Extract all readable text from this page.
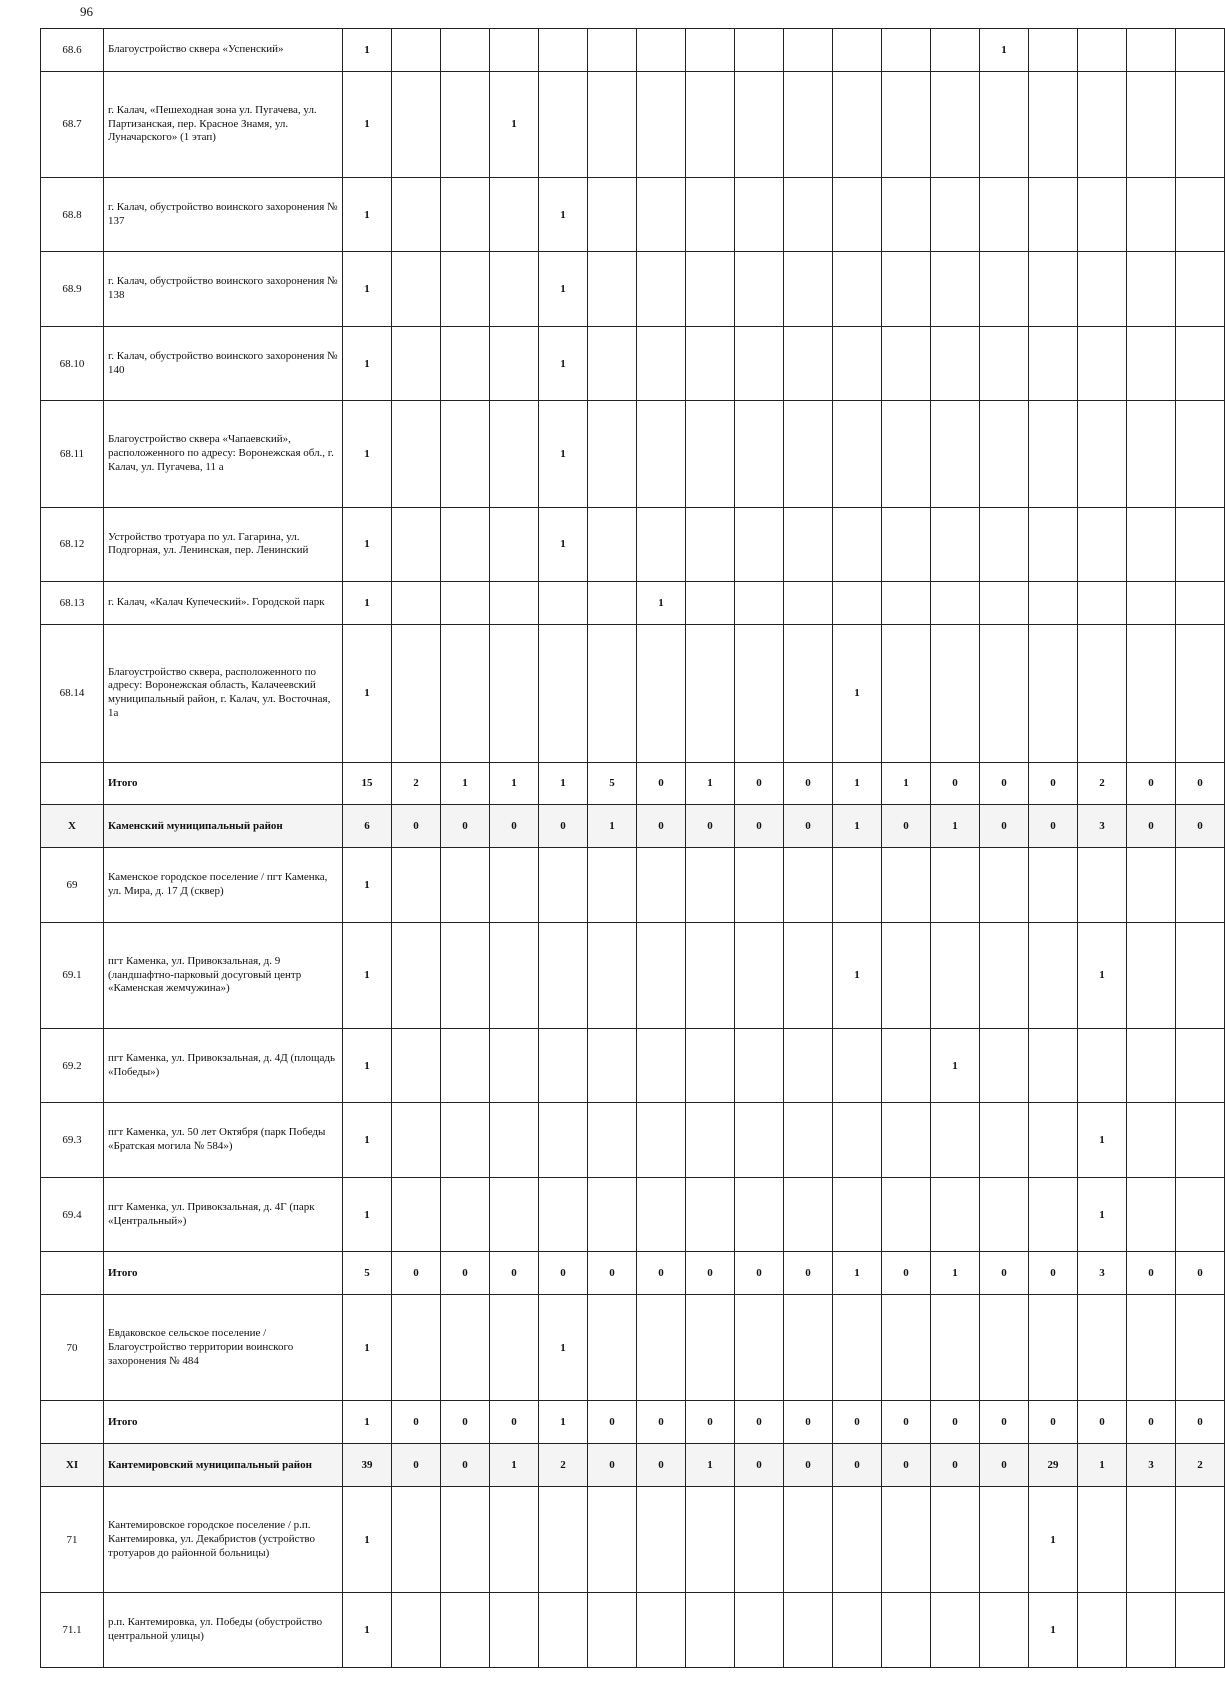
96
68.6	Благоустройство сквера «Успенский»	1													1				
68.7	г. Калач, «Пешеходная зона ул. Пугачева, ул. Партизанская, пер. Красное Знамя, ул. Луначарского» (1 этап)	1			1														
68.8	г. Калач, обустройство воинского захоронения № 137	1				1													
68.9	г. Калач, обустройство воинского захоронения № 138	1				1													
68.10	г. Калач, обустройство воинского захоронения № 140	1				1													
68.11	Благоустройство сквера «Чапаевский», расположенного по адресу: Воронежская обл., г. Калач, ул. Пугачева, 11 а	1				1													
68.12	Устройство тротуара по ул. Гагарина, ул. Подгорная, ул. Ленинская, пер. Ленинский	1				1													
68.13	г. Калач, «Калач Купеческий». Городской парк	1						1											
68.14	Благоустройство сквера, расположенного по адресу: Воронежская область, Калачеевский муниципальный район, г. Калач, ул. Восточная, 1а	1										1							
	Итого	15	2	1	1	1	5	0	1	0	0	1	1	0	0	0	2	0	0
X	Каменский муниципальный район	6	0	0	0	0	1	0	0	0	0	1	0	1	0	0	3	0	0
69	Каменское городское поселение / пгт Каменка, ул. Мира, д. 17 Д (сквер)	1																	
69.1	пгт Каменка, ул. Привокзальная, д. 9 (ландшафтно-парковый досуговый центр «Каменская жемчужина»)	1										1					1		
69.2	пгт Каменка, ул. Привокзальная, д. 4Д (площадь «Победы»)	1												1					
69.3	пгт Каменка, ул. 50 лет Октября (парк Победы «Братская могила № 584»)	1															1		
69.4	пгт Каменка, ул. Привокзальная, д. 4Г (парк «Центральный»)	1															1		
	Итого	5	0	0	0	0	0	0	0	0	0	1	0	1	0	0	3	0	0
70	Евдаковское сельское поселение / Благоустройство территории воинского захоронения № 484	1				1													
	Итого	1	0	0	0	1	0	0	0	0	0	0	0	0	0	0	0	0	0
XI	Кантемировский муниципальный район	39	0	0	1	2	0	0	1	0	0	0	0	0	0	29	1	3	2
71	Кантемировское городское поселение / р.п. Кантемировка, ул. Декабристов (устройство тротуаров до районной больницы)	1														1			
71.1	р.п. Кантемировка, ул. Победы (обустройство центральной улицы)	1														1			
